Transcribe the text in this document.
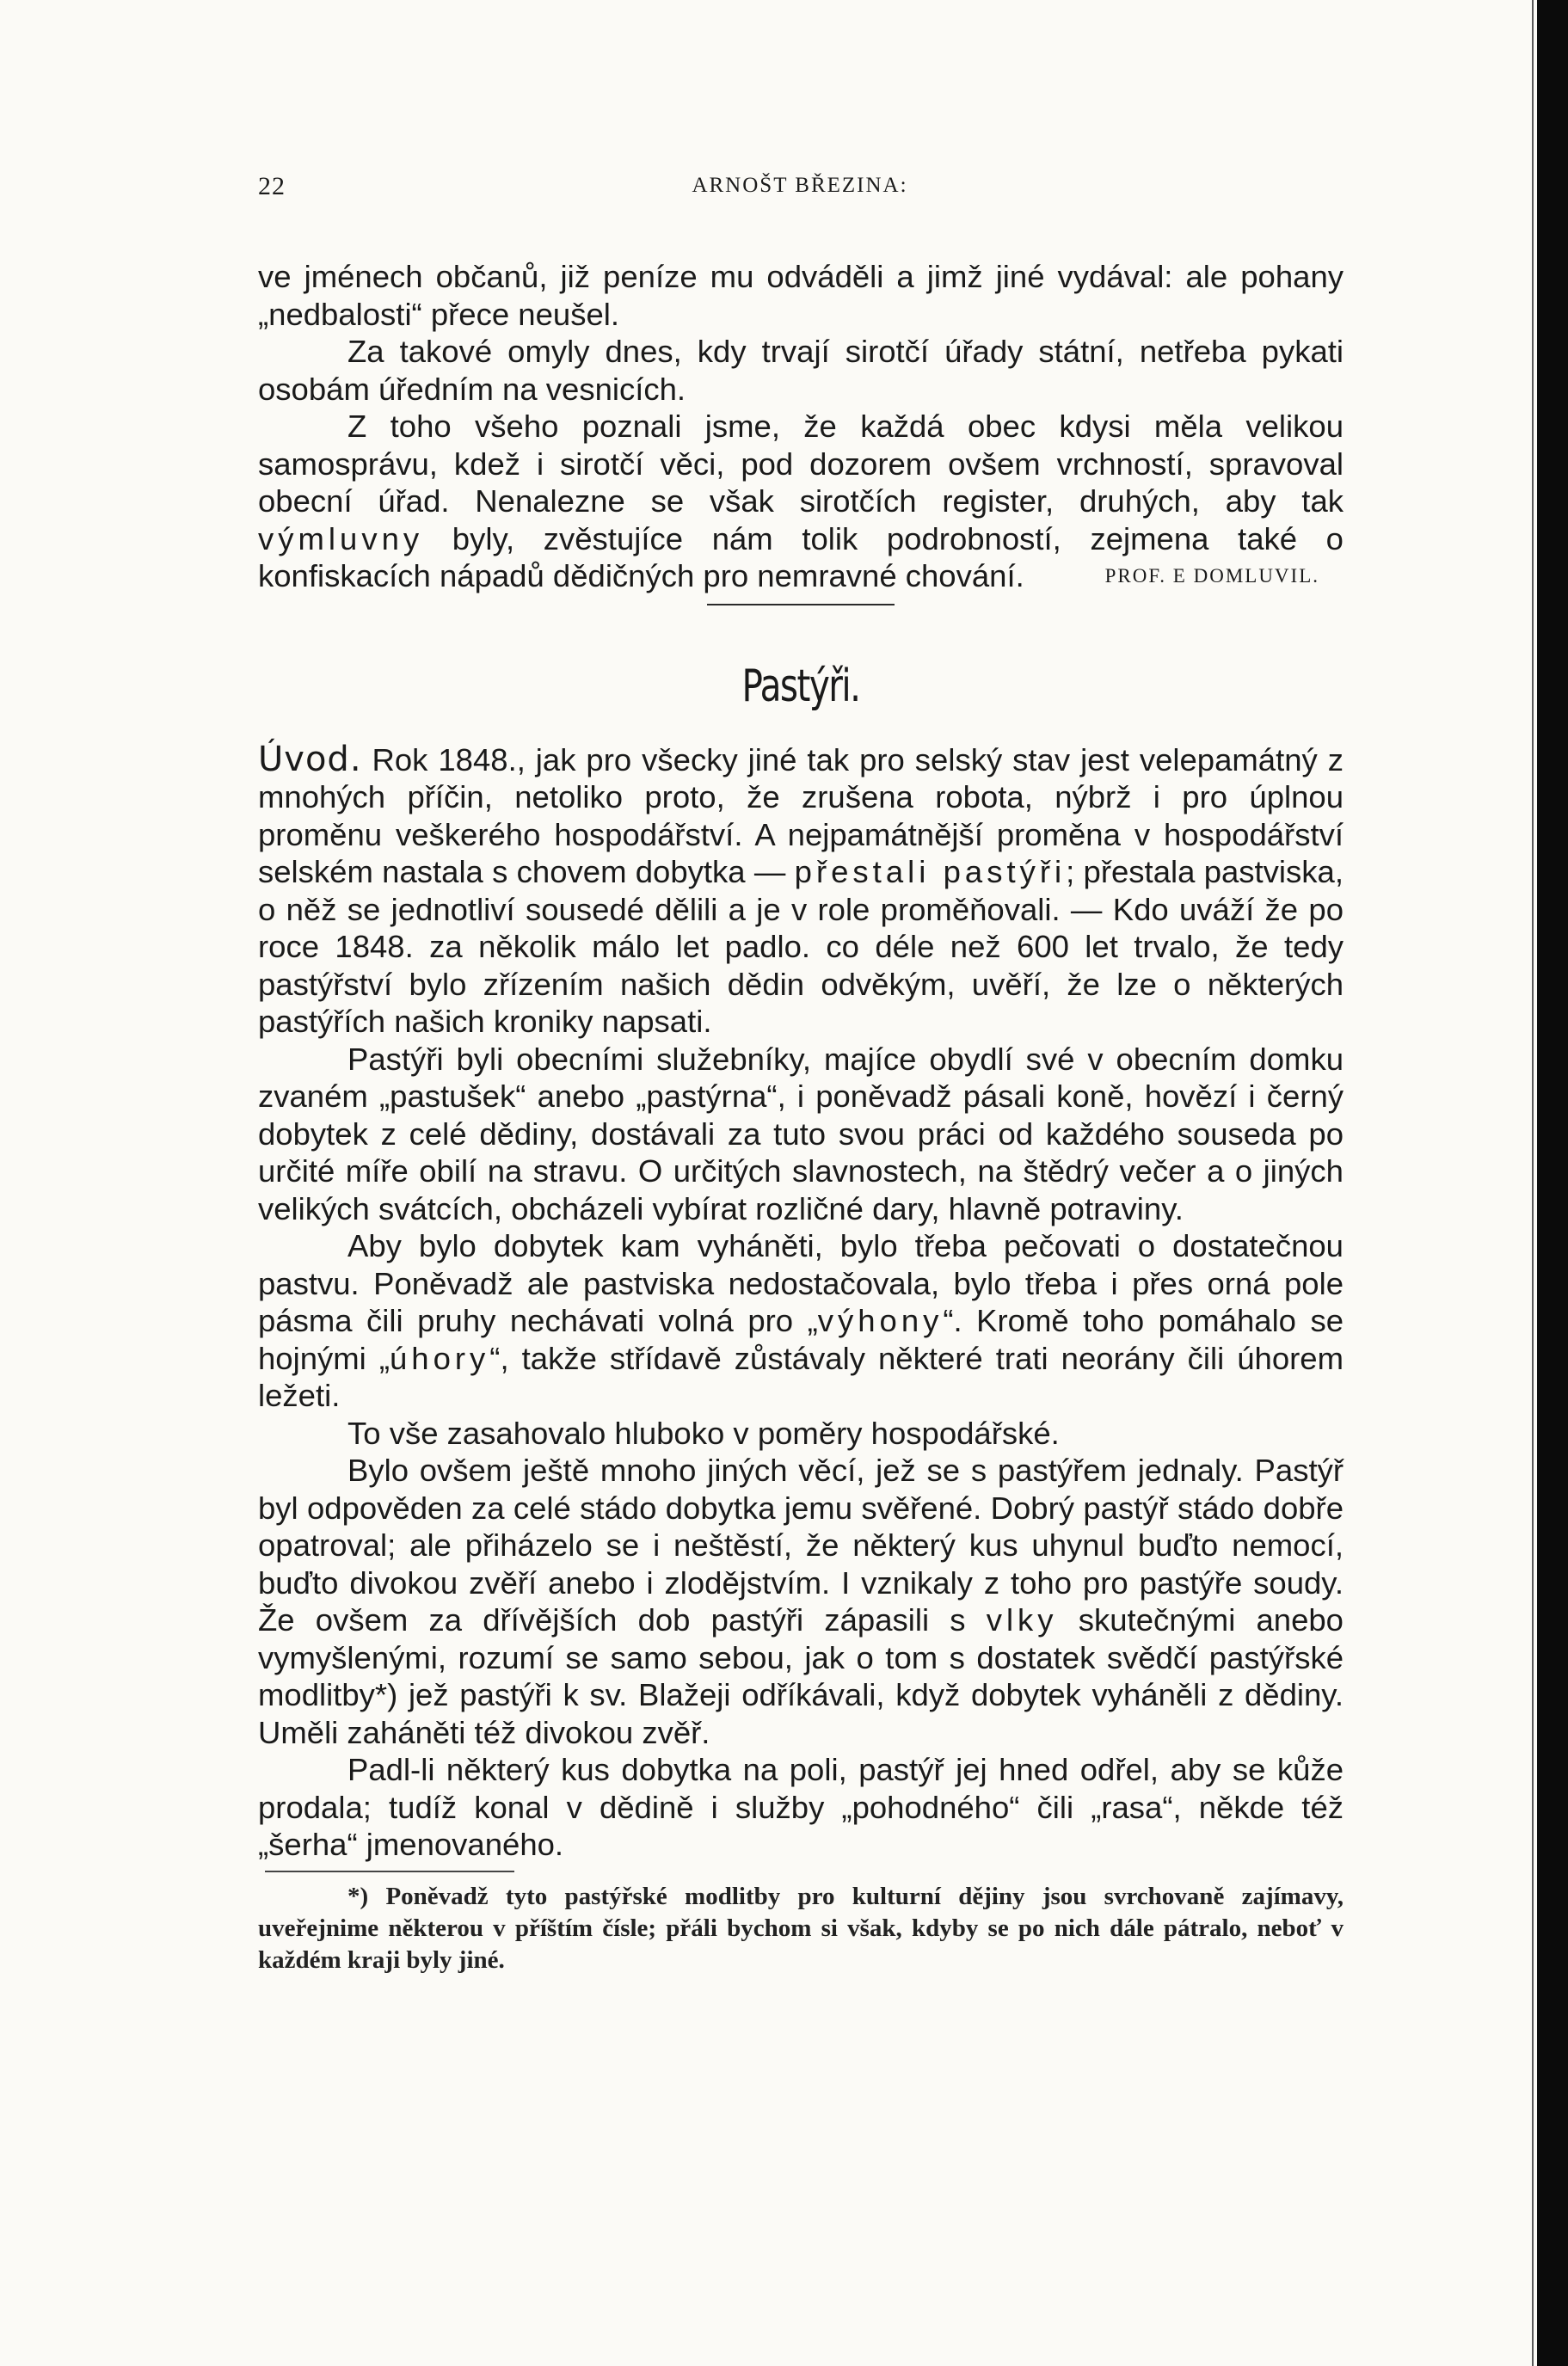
22	ARNOŠT BŘEZINA:

ve jménech občanů, již peníze mu odváděli a jimž jiné vydával: ale pohany „nedbalosti“ přece neušel.

Za takové omyly dnes, kdy trvají sirotčí úřady státní, netřeba pykati osobám úředním na vesnicích.

Z toho všeho poznali jsme, že každá obec kdysi měla velikou samosprávu, kdež i sirotčí věci, pod dozorem ovšem vrchností, spravoval obecní úřad. Nenalezne se však sirotčích register, druhých, aby tak výmluvny byly, zvěstujíce nám tolik podrobností, zejmena také o konfiskacích nápadů dědičných pro nemravné chování.	PROF. E DOMLUVIL.
Pastýři.

Úvod. Rok 1848., jak pro všecky jiné tak pro selský stav jest velepamátný z mnohých příčin, netoliko proto, že zrušena robota, nýbrž i pro úplnou proměnu veškerého hospodářství. A nejpamátnější proměna v hospodářství selském nastala s chovem dobytka — přestali pastýři; přestala pastviska, o něž se jednotliví sousedé dělili a je v role proměňovali. — Kdo uváží že po roce 1848. za několik málo let padlo. co déle než 600 let trvalo, že tedy pastýřství bylo zřízením našich dědin odvěkým, uvěří, že lze o některých pastýřích našich kroniky napsati.

Pastýři byli obecními služebníky, majíce obydlí své v obecním domku zvaném „pastušek“ anebo „pastýrna“, i poněvadž pásali koně, hovězí i černý dobytek z celé dědiny, dostávali za tuto svou práci od každého souseda po určité míře obilí na stravu. O určitých slavnostech, na štědrý večer a o jiných velikých svátcích, obcházeli vybírat rozličné dary, hlavně potraviny.

Aby bylo dobytek kam vyháněti, bylo třeba pečovati o dostatečnou pastvu. Poněvadž ale pastviska nedostačovala, bylo třeba i přes orná pole pásma čili pruhy nechávati volná pro „výhony“. Kromě toho pomáhalo se hojnými „úhory“, takže střídavě zůstávaly některé trati neorány čili úhorem ležeti.

To vše zasahovalo hluboko v poměry hospodářské.

Bylo ovšem ještě mnoho jiných věcí, jež se s pastýřem jednaly. Pastýř byl odpověden za celé stádo dobytka jemu svěřené. Dobrý pastýř stádo dobře opatroval; ale přiházelo se i neštěstí, že některý kus uhynul buďto nemocí, buďto divokou zvěří anebo i zlodějstvím. I vznikaly z toho pro pastýře soudy. Že ovšem za dřívějších dob pastýři zápasili s vlky skutečnými anebo vymyšlenými, rozumí se samo sebou, jak o tom s dostatek svědčí pastýřské modlitby*) jež pastýři k sv. Blažeji odříkávali, když dobytek vyháněli z dědiny. Uměli zaháněti též divokou zvěř.

Padl-li některý kus dobytka na poli, pastýř jej hned odřel, aby se kůže prodala; tudíž konal v dědině i služby „pohodného“ čili „rasa“, někde též „šerha“ jmenovaného.

*) Poněvadž tyto pastýřské modlitby pro kulturní dějiny jsou svrchovaně zajímavy, uveřejnime některou v příštím čísle; přáli bychom si však, kdyby se po nich dále pátralo, neboť v každém kraji byly jiné.
